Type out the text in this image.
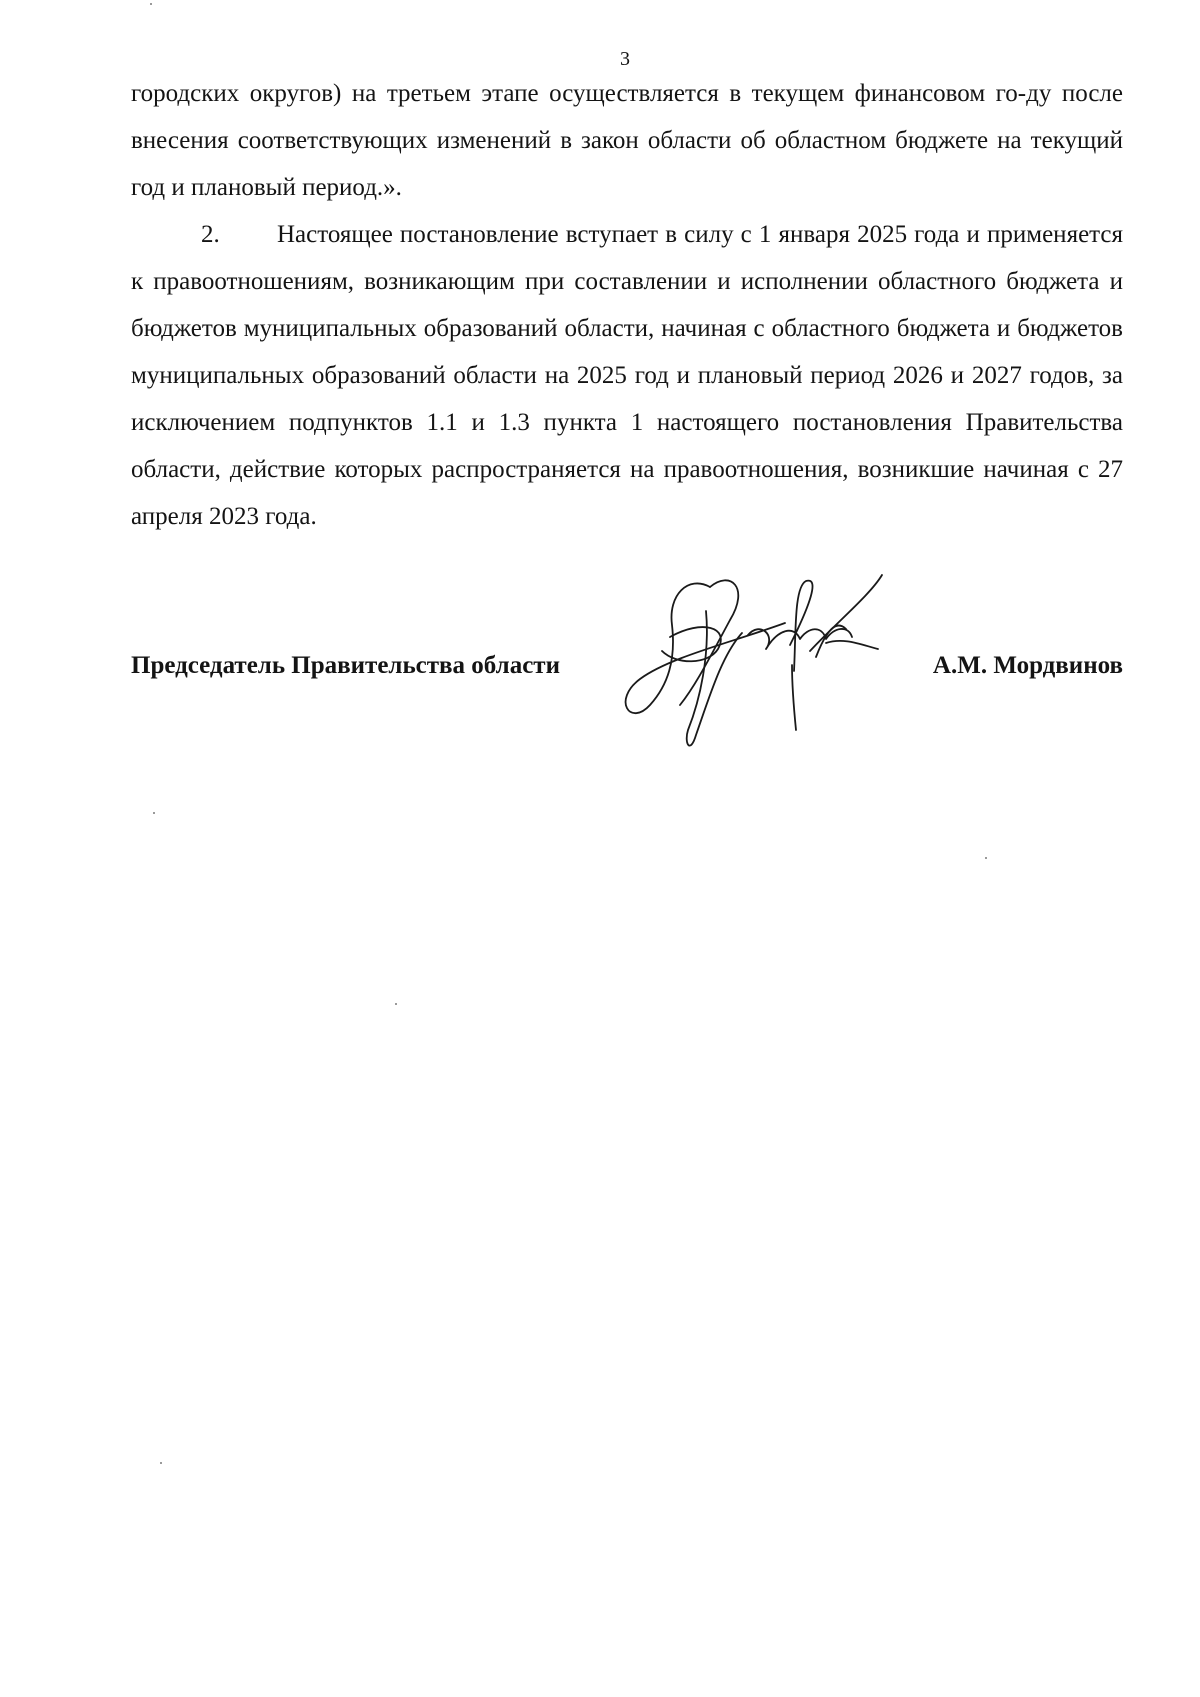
3
городских округов) на третьем этапе осуществляется в текущем финансовом го-ду после внесения соответствующих изменений в закон области об областном бюджете на текущий год и плановый период.».
2. Настоящее постановление вступает в силу с 1 января 2025 года и применяется к правоотношениям, возникающим при составлении и исполнении областного бюджета и бюджетов муниципальных образований области, начиная с областного бюджета и бюджетов муниципальных образований области на 2025 год и плановый период 2026 и 2027 годов, за исключением подпунктов 1.1 и 1.3 пункта 1 настоящего постановления Правительства области, действие которых распространяется на правоотношения, возникшие начиная с 27 апреля 2023 года.
Председатель Правительства области	А.М. Мордвинов
